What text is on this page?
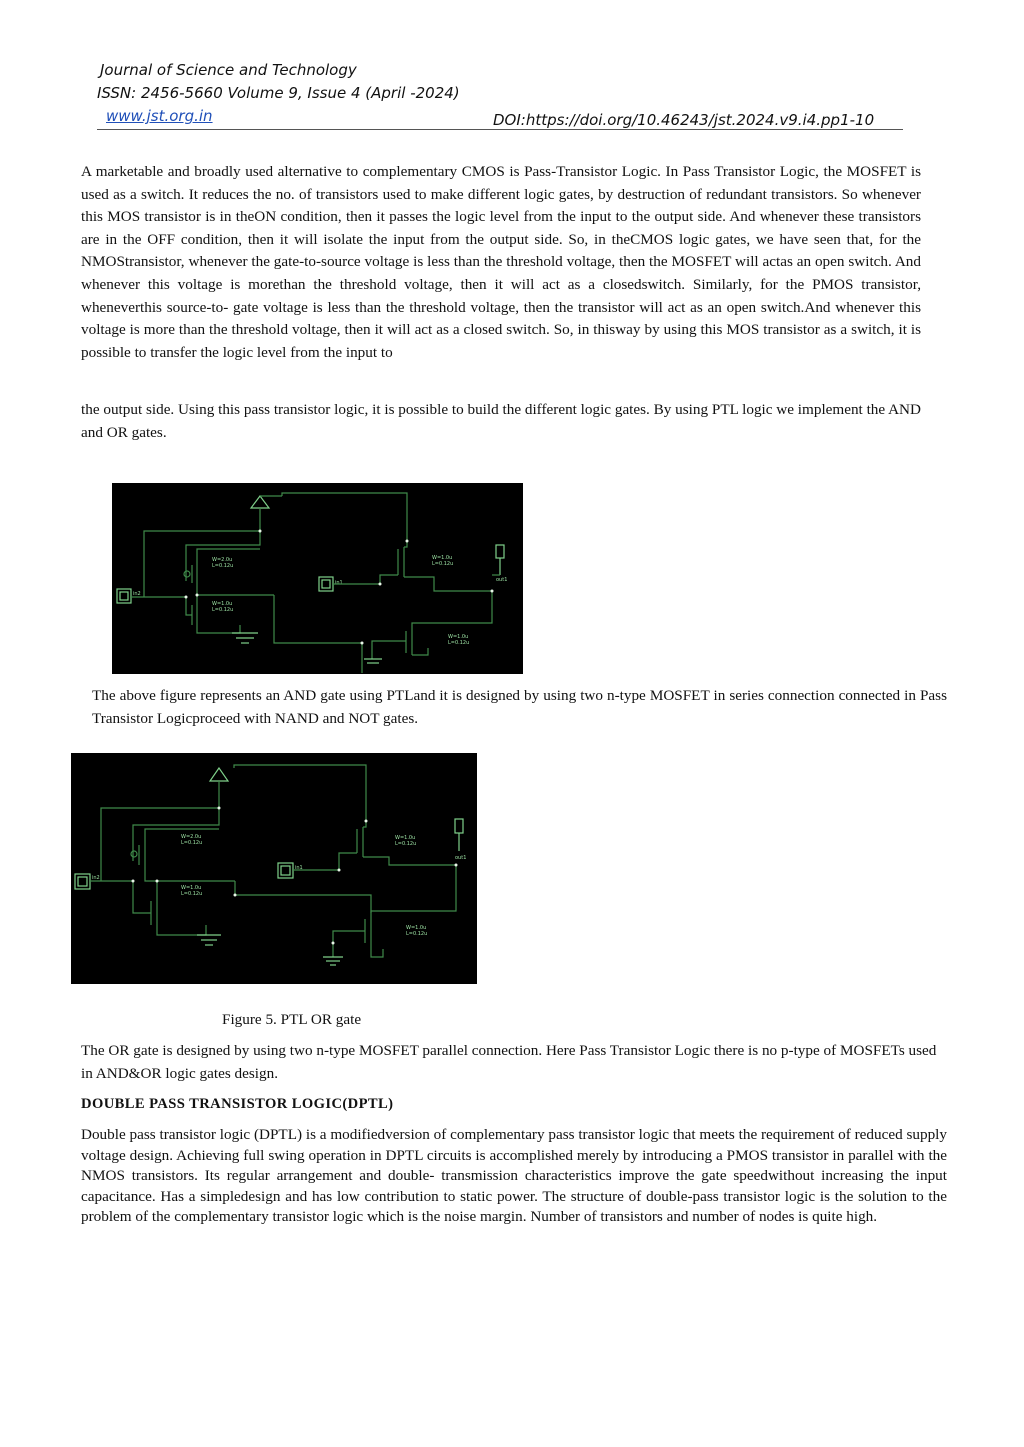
Journal of Science and Technology
ISSN: 2456-5660 Volume 9, Issue 4 (April -2024)
www.jst.org.in	DOI:https://doi.org/10.46243/jst.2024.v9.i4.pp1-10

A marketable and broadly used alternative to complementary CMOS is Pass-Transistor Logic. In Pass Transistor Logic, the MOSFET is used as a switch. It reduces the no. of transistors used to make different logic gates, by destruction of redundant transistors. So whenever this MOS transistor is in theON condition, then it passes the logic level from the input to the output side. And whenever these transistors are in the OFF condition, then it will isolate the input from the output side. So, in theCMOS logic gates, we have seen that, for the NMOStransistor, whenever the gate-to-source voltage is less than the threshold voltage, then the MOSFET will actas an open switch. And whenever this voltage is morethan the threshold voltage, then it will act as a closedswitch. Similarly, for the PMOS transistor, wheneverthis source-to- gate voltage is less than the threshold voltage, then the transistor will act as an open switch.And whenever this voltage is more than the threshold voltage, then it will act as a closed switch. So, in thisway by using this MOS transistor as a switch, it is possible to transfer the logic level from the input to

the output side. Using this pass transistor logic, it is possible to build the different logic gates. By using PTL logic we implement the AND and OR gates.

in2
in1	out1
W=2.0u
L=0.12u
W=1.0u
L=0.12u
W=1.0u
L=0.12u
W=1.0u
L=0.12u

The above figure represents an AND gate using PTLand it is designed by using two n-type MOSFET in series connection connected in Pass Transistor Logicproceed with NAND and NOT gates.

in2
in1
out1
W=2.0u
L=0.12u
W=1.0u
L=0.12u
W=1.0u
L=0.12u
W=1.0u
L=0.12u
Figure 5. PTL OR gate

The OR gate is designed by using two n-type MOSFET parallel connection. Here Pass Transistor Logic there is no p-type of MOSFETs used in AND&OR logic gates design.

DOUBLE PASS TRANSISTOR LOGIC(DPTL)

Double pass transistor logic (DPTL) is a modifiedversion of complementary pass transistor logic that meets the requirement of reduced supply voltage design. Achieving full swing operation in DPTL circuits is accomplished merely by introducing a PMOS transistor in parallel with the NMOS transistors. Its regular arrangement and double- transmission characteristics improve the gate speedwithout increasing the input capacitance. Has a simpledesign and has low contribution to static power. The structure of double-pass transistor logic is the solution to the problem of the complementary transistor logic which is the noise margin. Number of transistors and number of nodes is quite high.
